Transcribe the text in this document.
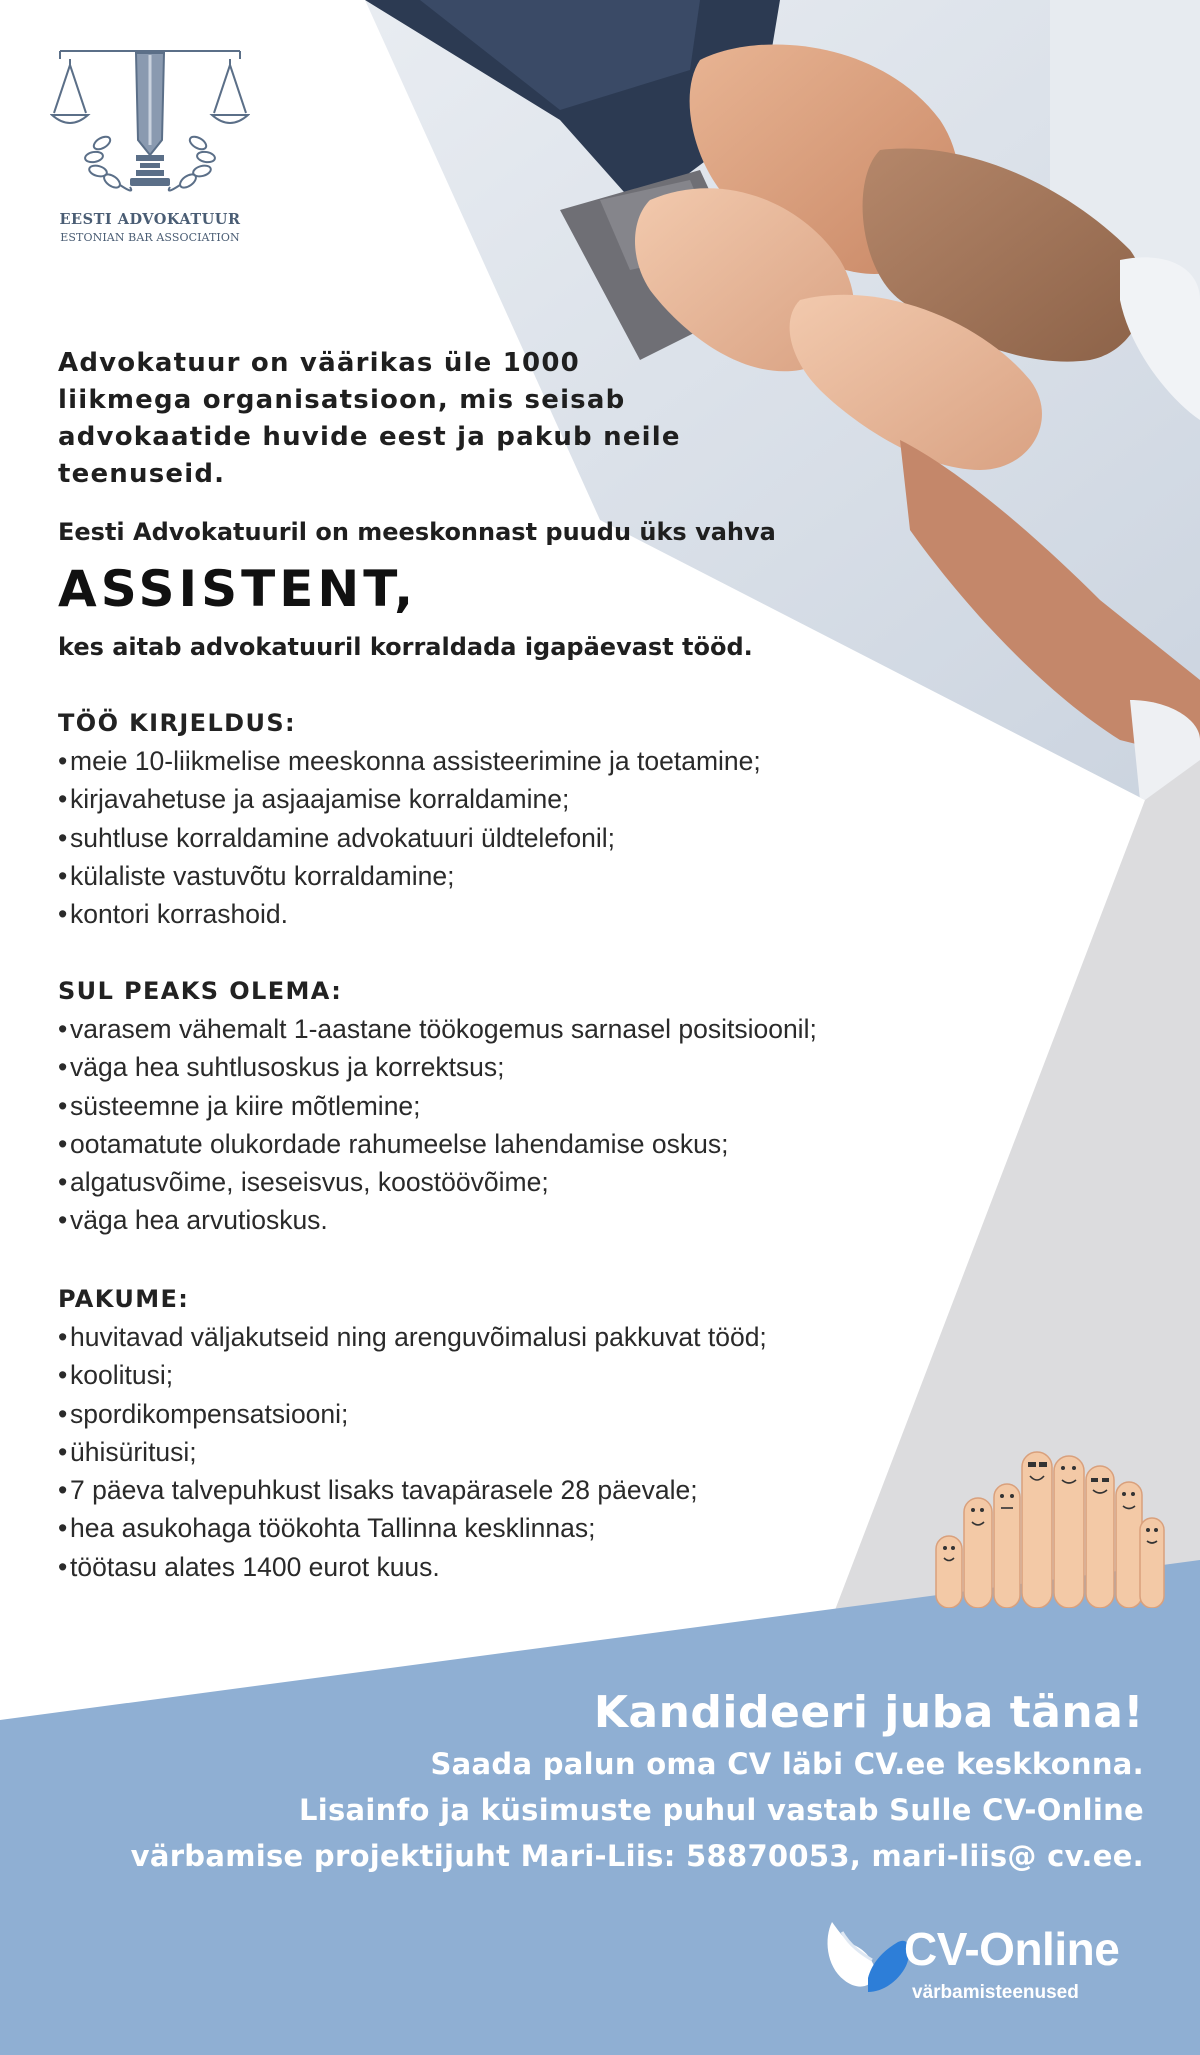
EESTI ADVOKATUUR
ESTONIAN BAR ASSOCIATION
Advokatuur on väärikas üle 1000
liikmega organisatsioon, mis seisab
advokaatide huvide eest ja pakub neile
teenuseid.
Eesti Advokatuuril on meeskonnast puudu üks vahva
ASSISTENT,
kes aitab advokatuuril korraldada igapäevast tööd.
TÖÖ KIRJELDUS:
• meie 10-liikmelise meeskonna assisteerimine ja toetamine;
• kirjavahetuse ja asjaajamise korraldamine;
• suhtluse korraldamine advokatuuri üldtelefonil;
• külaliste vastuvõtu korraldamine;
• kontori korrashoid.
SUL PEAKS OLEMA:
• varasem vähemalt 1-aastane töökogemus sarnasel positsioonil;
• väga hea suhtlusoskus ja korrektsus;
• süsteemne ja kiire mõtlemine;
• ootamatute olukordade rahumeelse lahendamise oskus;
• algatusvõime, iseseisvus, koostöövõime;
• väga hea arvutioskus.
PAKUME:
• huvitavad väljakutseid ning arenguvõimalusi pakkuvat tööd;
• koolitusi;
• spordikompensatsiooni;
• ühisüritusi;
• 7 päeva talvepuhkust lisaks tavapärasele 28 päevale;
• hea asukohaga töökohta Tallinna kesklinnas;
• töötasu alates 1400 eurot kuus.
Kandideeri juba täna!
Saada palun oma CV läbi CV.ee keskkonna.
Lisainfo ja küsimuste puhul vastab Sulle CV-Online
värbamise projektijuht Mari-Liis: 58870053, mari-liis@ cv.ee.
CV-Online
värbamisteenused
